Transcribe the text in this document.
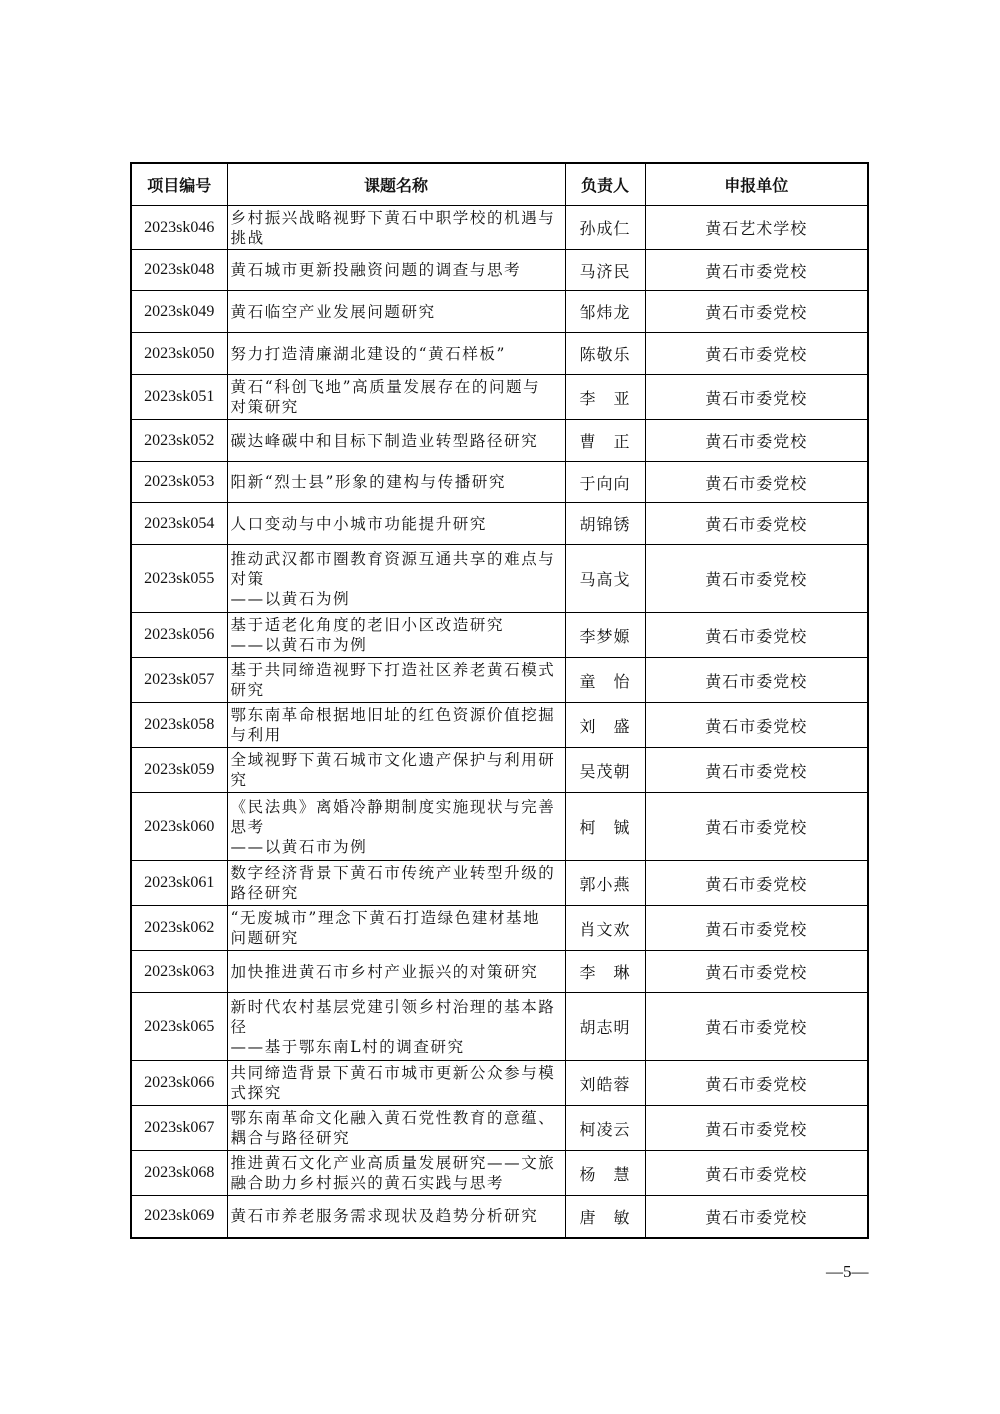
项目编号	课题名称	负责人	申报单位
2023sk046	乡村振兴战略视野下黄石中职学校的机遇与
挑战	孙成仁	黄石艺术学校
2023sk048	黄石城市更新投融资问题的调查与思考	马济民	黄石市委党校
2023sk049	黄石临空产业发展问题研究	邹炜龙	黄石市委党校
2023sk050	努力打造清廉湖北建设的“黄石样板”	陈敬乐	黄石市委党校
2023sk051	黄石“科创飞地”高质量发展存在的问题与
对策研究	李　亚	黄石市委党校
2023sk052	碳达峰碳中和目标下制造业转型路径研究	曹　正	黄石市委党校
2023sk053	阳新“烈士县”形象的建构与传播研究	于向向	黄石市委党校
2023sk054	人口变动与中小城市功能提升研究	胡锦锈	黄石市委党校
2023sk055	推动武汉都市圈教育资源互通共享的难点与
对策
——以黄石为例	马高戈	黄石市委党校
2023sk056	基于适老化角度的老旧小区改造研究
——以黄石市为例	李梦嫄	黄石市委党校
2023sk057	基于共同缔造视野下打造社区养老黄石模式
研究	童　怡	黄石市委党校
2023sk058	鄂东南革命根据地旧址的红色资源价值挖掘
与利用	刘　盛	黄石市委党校
2023sk059	全域视野下黄石城市文化遗产保护与利用研
究	吴茂朝	黄石市委党校
2023sk060	《民法典》离婚冷静期制度实施现状与完善
思考
——以黄石市为例	柯　铖	黄石市委党校
2023sk061	数字经济背景下黄石市传统产业转型升级的
路径研究	郭小燕	黄石市委党校
2023sk062	“无废城市”理念下黄石打造绿色建材基地
问题研究	肖文欢	黄石市委党校
2023sk063	加快推进黄石市乡村产业振兴的对策研究	李　琳	黄石市委党校
2023sk065	新时代农村基层党建引领乡村治理的基本路
径
——基于鄂东南L村的调查研究	胡志明	黄石市委党校
2023sk066	共同缔造背景下黄石市城市更新公众参与模
式探究	刘皓蓉	黄石市委党校
2023sk067	鄂东南革命文化融入黄石党性教育的意蕴、
耦合与路径研究	柯凌云	黄石市委党校
2023sk068	推进黄石文化产业高质量发展研究——文旅
融合助力乡村振兴的黄石实践与思考	杨　慧	黄石市委党校
2023sk069	黄石市养老服务需求现状及趋势分析研究	唐　敏	黄石市委党校
—5—
